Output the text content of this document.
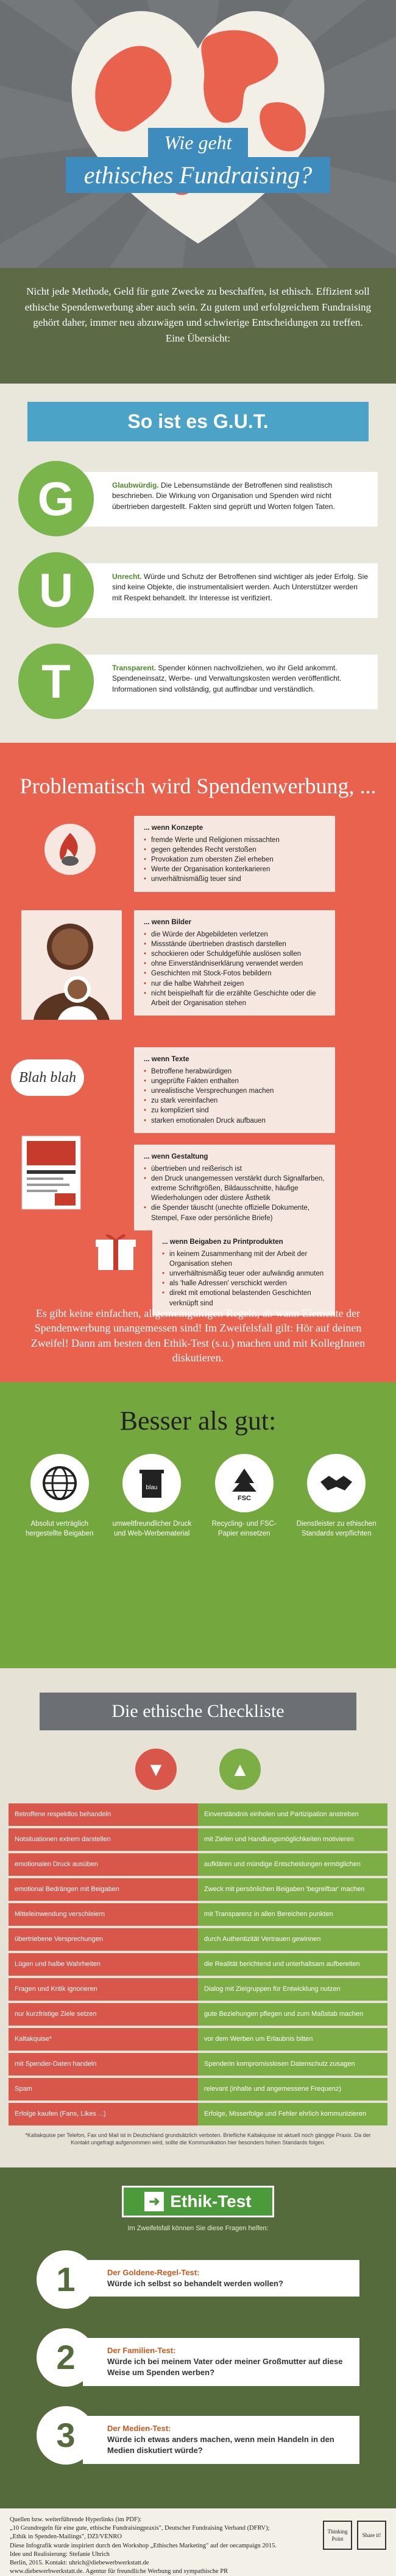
Wie geht
ethisches Fundraising?
Nicht jede Methode, Geld für gute Zwecke zu beschaffen, ist ethisch. Effizient soll ethische Spendenwerbung aber auch sein. Zu gutem und erfolgreichem Fundraising gehört daher, immer neu abzuwägen und schwierige Entscheidungen zu treffen. Eine Übersicht:
So ist es G.U.T.
Glaubwürdig. Die Lebensumstände der Betroffenen sind realistisch beschrieben. Die Wirkung von Organisation und Spenden wird nicht übertrieben dargestellt. Fakten sind geprüft und Worten folgen Taten.
G
Unrecht. Würde und Schutz der Betroffenen sind wichtiger als jeder Erfolg. Sie sind keine Objekte, die instrumentalisiert werden. Auch Unterstützer werden mit Respekt behandelt. Ihr Interesse ist verifiziert.
U
Transparent. Spender können nachvollziehen, wo ihr Geld ankommt. Spendeneinsatz, Werbe- und Verwaltungskosten werden veröffentlicht. Informationen sind vollständig, gut auffindbar und verständlich.
T
Problematisch wird Spendenwerbung, ...
... wenn Konzepte
• fremde Werte und Religionen missachten
• gegen geltendes Recht verstoßen
• Provokation zum obersten Ziel erheben
• Werte der Organisation konterkarieren
• unverhältnismäßig teuer sind
... wenn Bilder
• die Würde der Abgebildeten verletzen
• Missstände übertrieben drastisch darstellen
• schockieren oder Schuldgefühle auslösen sollen
• ohne Einverständniserklärung verwendet werden
• Geschichten mit Stock-Fotos bebildern
• nur die halbe Wahrheit zeigen
• nicht beispielhaft für die erzählte Geschichte oder die Arbeit der Organisation stehen
Blah blah
... wenn Texte
• Betroffene herabwürdigen
• ungeprüfte Fakten enthalten
• unrealistische Versprechungen machen
• zu stark vereinfachen
• zu kompliziert sind
• starken emotionalen Druck aufbauen
... wenn Gestaltung
• übertrieben und reißerisch ist
• den Druck unangemessen verstärkt durch Signalfarben, extreme Schriftgrößen, Bildausschnitte, häufige Wiederholungen oder düstere Ästhetik
• die Spender täuscht (unechte offizielle Dokumente, Stempel, Faxe oder persönliche Briefe)
... wenn Beigaben zu Printprodukten
• in keinem Zusammenhang mit der Arbeit der Organisation stehen
• unverhältnismäßig teuer oder aufwändig anmuten
• als 'halle Adressen' verschickt werden
• direkt mit emotional belastenden Geschichten verknüpft sind
Es gibt keine einfachen, allgemeingültigen Regeln, ab wann Elemente der Spendenwerbung unangemessen sind! Im Zweifelsfall gilt: Hör auf deinen Zweifel! Dann am besten den Ethik-Test (s.u.) machen und mit KollegInnen diskutieren.
Besser als gut:
Absolut verträglich hergestellte Beigaben
blau
umweltfreundlicher Druck und Web-Werbematerial
FSC
Recycling- und FSC-Papier einsetzen
Dienstleister zu ethischen Standards verpflichten
Die ethische Checkliste
▼	▲
Betroffene respektlos behandeln	Einverständnis einholen und Partizipation anstreben
Notsituationen extrem darstellen	mit Zielen und Handlungsmöglichkeiten motivieren
emotionalen Druck ausüben	aufklären und mündige Entscheidungen ermöglichen
emotional Bedrängen mit Beigaben	Zweck mit persönlichen Beigaben 'begreifbar' machen
Mitteleinwendung verschleiern	mit Transparenz in allen Bereichen punkten
übertriebene Versprechungen	durch Authentizität Vertrauen gewinnen
Lügen und halbe Wahrheiten	die Realität berichtend und unterhaltsam aufbereiten
Fragen und Kritik ignorieren	Dialog mit Zielgruppen für Entwicklung nutzen
nur kurzfristige Ziele setzen	gute Beziehungen pflegen und zum Maßstab machen
Kaltakquise*	vor dem Werben um Erlaubnis bitten
mit Spender-Daten handeln	Spenderin kompromisslosen Datenschutz zusagen
Spam	relevant (inhalte und angemessene Frequenz)
Erfolge kaufen (Fans, Likes ...)	Erfolge, Misserfolge und Fehler ehrlich kommunizieren
*Kaltakquise per Telefon, Fax und Mail ist in Deutschland grundsätzlich verboten. Briefliche Kaltakquise ist aktuell noch gängige Praxis. Da der Kontakt ungefragt aufgenommen wird, sollte die Kommunikation hier besonders hohen Standards folgen.
➜ Ethik-Test
Im Zweifelsfall können Sie diese Fragen helfen:
Der Goldene-Regel-Test:
Würde ich selbst so behandelt werden wollen?
1
Der Familien-Test:
Würde ich bei meinem Vater oder meiner Großmutter auf diese Weise um Spenden werben?
2
Der Medien-Test:
Würde ich etwas anders machen, wenn mein Handeln in den Medien diskutiert würde?
3
Quellen bzw. weiterführende Hyperlinks (im PDF):
„10 Grundregeln für eine gute, ethische Fundraisingpraxis", Deutscher Fundraising Verband (DFRV);
„Ethik in Spenden-Mailings", DZI/VENRO
Diese Infografik wurde inspiriert durch den Workshop „Ethisches Marketing" auf der oecampaign 2015.
Idee und Realisierung: Stefanie Uhrich
Berlin, 2015. Kontakt: uhrich@diebewerbwerkstatt.de
www.diebewerbwerkstatt.de. Agentur für freundliche Werbung und sympathische PR
Thinking Point
Share it!
